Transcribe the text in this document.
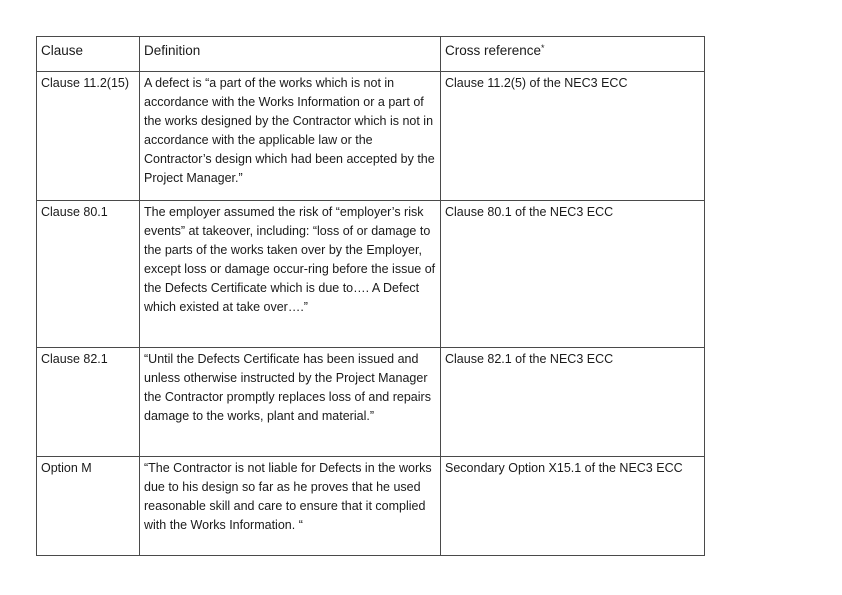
Clause	Definition	Cross reference*
Clause 11.2(15)	A defect is “a part of the works which is not in accordance with the Works Information or a part of the works designed by the Contractor which is not in accordance with the applicable law or the Contractor’s design which had been accepted by the Project Manager.”	Clause 11.2(5) of the NEC3 ECC
Clause 80.1	The employer assumed the risk of “employer’s risk events” at takeover, including: “loss of or damage to the parts of the works taken over by the Employer, except loss or damage occur-ring before the issue of the Defects Certificate which is due to…. A Defect which existed at take over….”	Clause 80.1 of the NEC3 ECC
Clause 82.1	“Until the Defects Certificate has been issued and unless otherwise instructed by the Project Manager the Contractor promptly replaces loss of and repairs damage to the works, plant and material.”	Clause 82.1 of the NEC3 ECC
Option M	“The Contractor is not liable for Defects in the works due to his design so far as he proves that he used reasonable skill and care to ensure that it complied with the Works Information. “	Secondary Option X15.1 of the NEC3 ECC
